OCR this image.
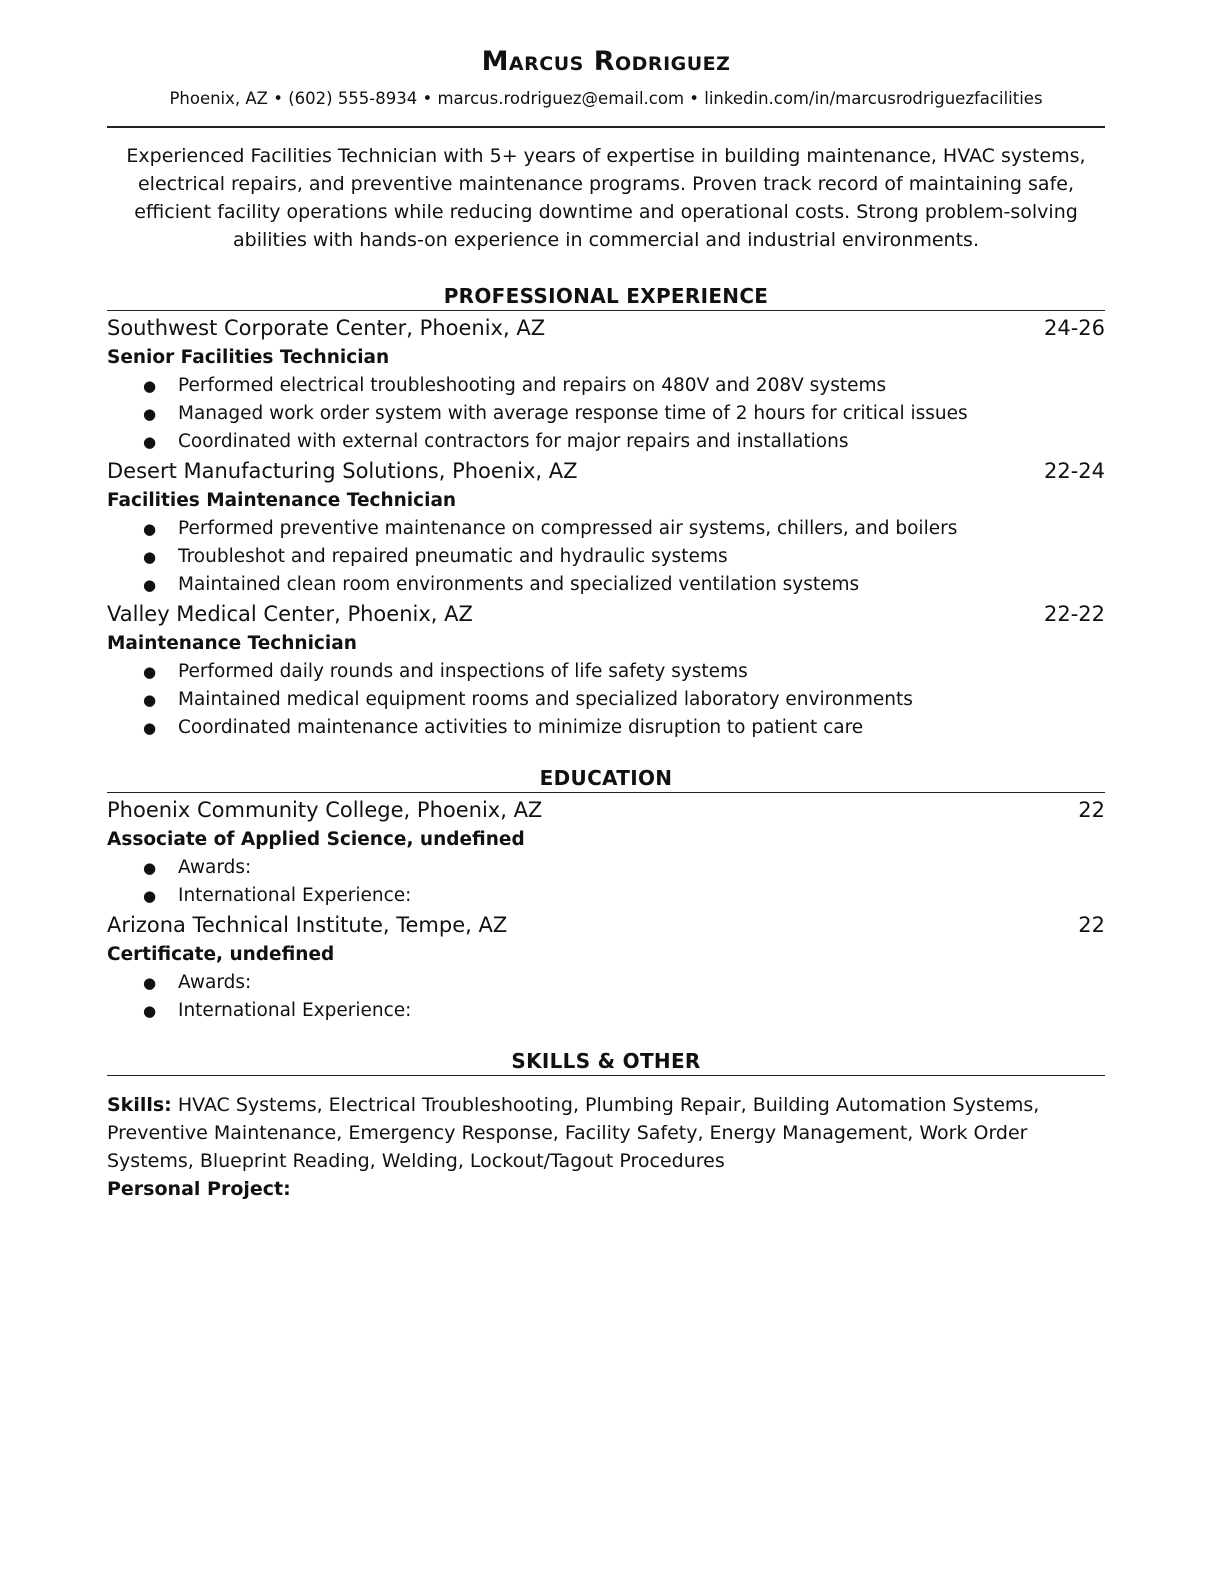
Marcus Rodriguez
Phoenix, AZ • (602) 555-8934 • marcus.rodriguez@email.com • linkedin.com/in/marcusrodriguezfacilities
Experienced Facilities Technician with 5+ years of expertise in building maintenance, HVAC systems, electrical repairs, and preventive maintenance programs. Proven track record of maintaining safe, efficient facility operations while reducing downtime and operational costs. Strong problem-solving abilities with hands-on experience in commercial and industrial environments.
PROFESSIONAL EXPERIENCE
Southwest Corporate Center, Phoenix, AZ	24-26
Senior Facilities Technician
● Performed electrical troubleshooting and repairs on 480V and 208V systems
● Managed work order system with average response time of 2 hours for critical issues
● Coordinated with external contractors for major repairs and installations
Desert Manufacturing Solutions, Phoenix, AZ	22-24
Facilities Maintenance Technician
● Performed preventive maintenance on compressed air systems, chillers, and boilers
● Troubleshot and repaired pneumatic and hydraulic systems
● Maintained clean room environments and specialized ventilation systems
Valley Medical Center, Phoenix, AZ	22-22
Maintenance Technician
● Performed daily rounds and inspections of life safety systems
● Maintained medical equipment rooms and specialized laboratory environments
● Coordinated maintenance activities to minimize disruption to patient care
EDUCATION
Phoenix Community College, Phoenix, AZ	22
Associate of Applied Science, undefined
● Awards:
● International Experience:
Arizona Technical Institute, Tempe, AZ	22
Certificate, undefined
● Awards:
● International Experience:
SKILLS & OTHER
Skills: HVAC Systems, Electrical Troubleshooting, Plumbing Repair, Building Automation Systems, Preventive Maintenance, Emergency Response, Facility Safety, Energy Management, Work Order Systems, Blueprint Reading, Welding, Lockout/Tagout Procedures
Personal Project:
